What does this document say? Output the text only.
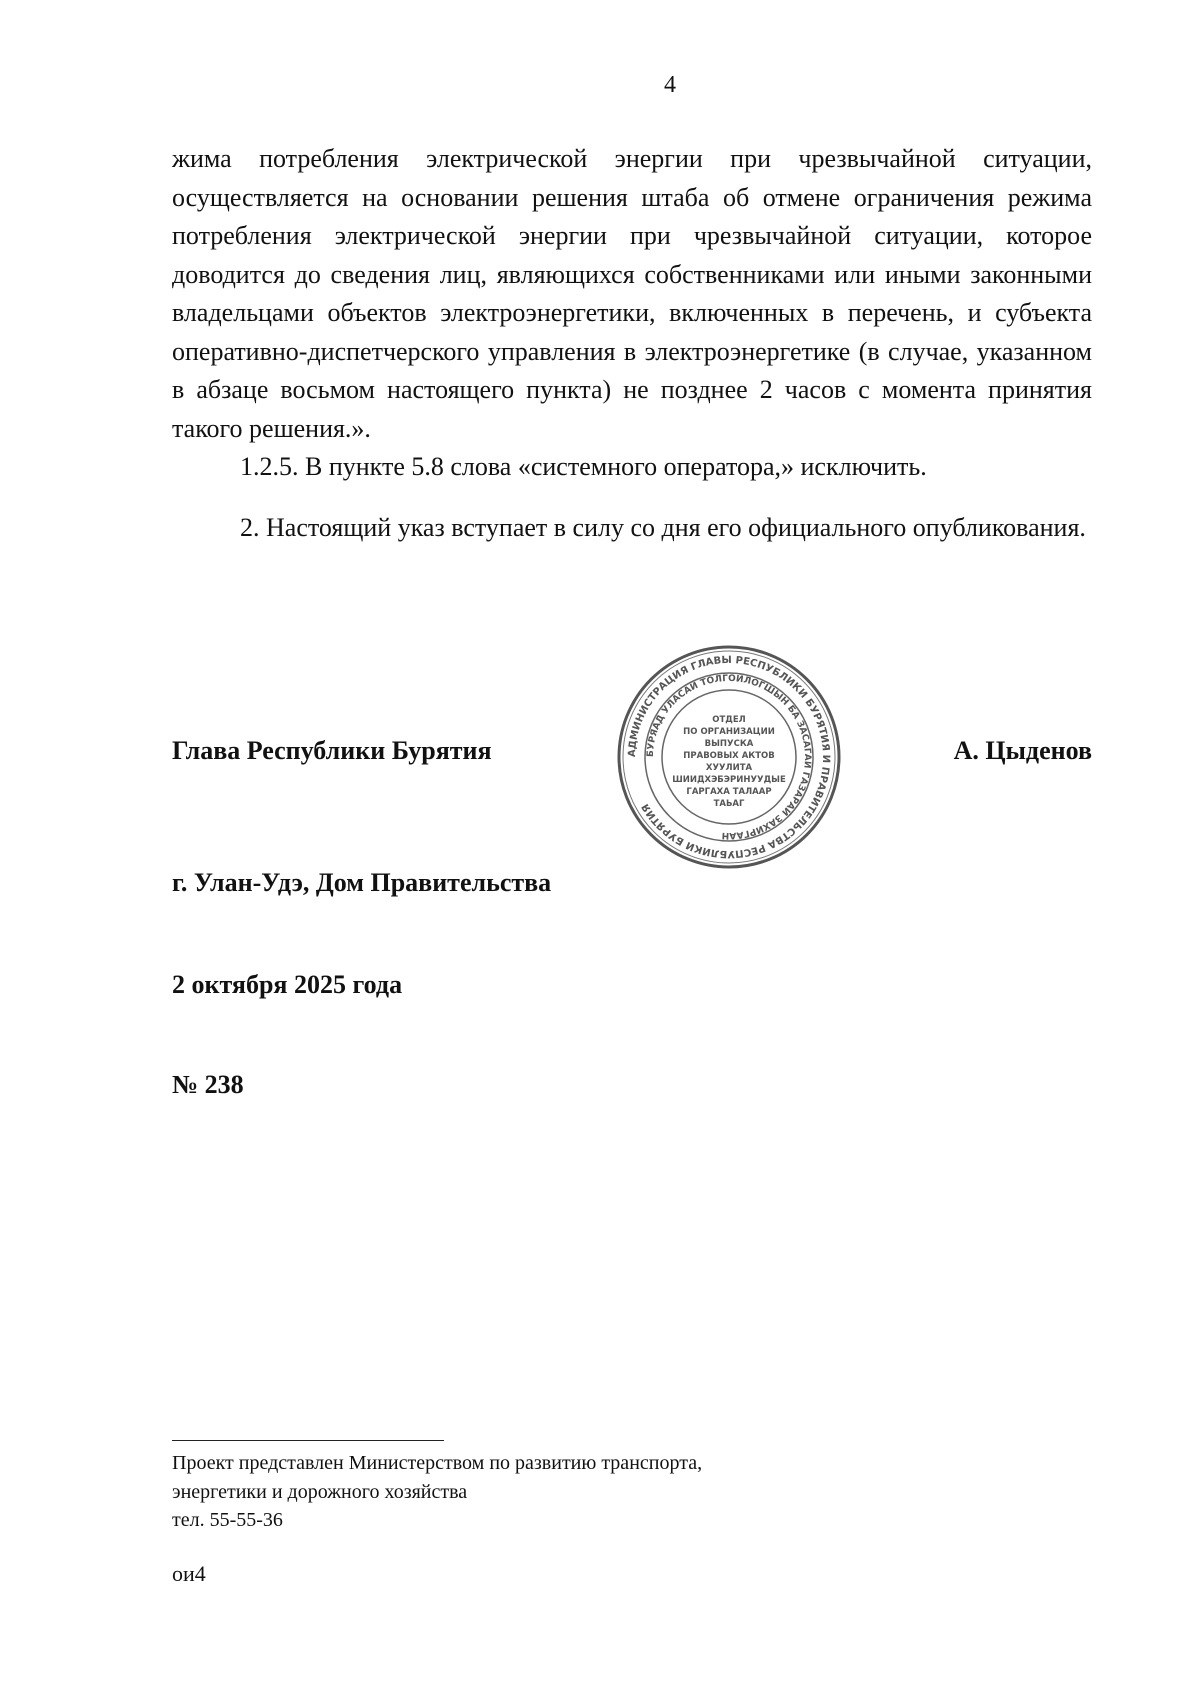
4

жима потребления электрической энергии при чрезвычайной ситуации, осуществляется на основании решения штаба об отмене ограничения режима потребления электрической энергии при чрезвычайной ситуации, которое доводится до сведения лиц, являющихся собственниками или иными законными владельцами объектов электроэнергетики, включенных в перечень, и субъекта оперативно-диспетчерского управления в электроэнергетике (в случае, указанном в абзаце восьмом настоящего пункта) не позднее 2 часов с момента принятия такого решения.».

1.2.5. В пункте 5.8 слова «системного оператора,» исключить.

2. Настоящий указ вступает в силу со дня его официального опубликования.

Глава Республики Бурятия	А. Цыденов
АДМИНИСТРАЦИЯ ГЛАВЫ РЕСПУБЛИКИ БУРЯТИЯ И ПРАВИТЕЛЬСТВА РЕСПУБЛИКИ БУРЯТИЯ
БУРЯАД УЛАСАЙ ТОЛГОЙЛОГШЫН БА ЗАСАГАЙ ГАЗАРАЙ ЗАХИРГААН
ОТДЕЛ
ПО ОРГАНИЗАЦИИ
ВЫПУСКА
ПРАВОВЫХ АКТОВ
ХУУЛИТА
ШИИДХЭБЭРИНУУДЫЕ
ГАРГАХА ТАЛААР
ТАЬАГ
г. Улан-Удэ, Дом Правительства
2 октября 2025 года
№ 238
Проект представлен Министерством по развитию транспорта,
энергетики и дорожного хозяйства
тел. 55-55-36
ои4
